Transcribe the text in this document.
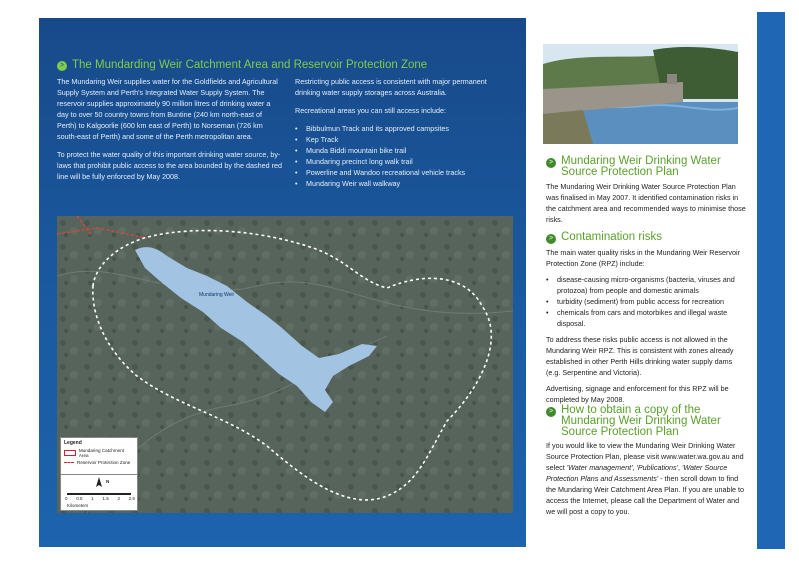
> The Mundarding Weir Catchment Area and Reservoir Protection Zone

The Mundaring Weir supplies water for the Goldfields and Agricultural Supply System and Perth's Integrated Water Supply System. The reservoir supplies approximately 90 million litres of drinking water a day to over 50 country towns from Buntine (240 km north-east of Perth) to Kalgoorlie (600 km east of Perth) to Norseman (726 km south-east of Perth) and some of the Perth metropolitan area.

To protect the water quality of this important drinking water source, by-laws that prohibit public access to the area bounded by the dashed red line will be fully enforced by May 2008.

Restricting public access is consistent with major permanent drinking water supply storages across Australia.

Recreational areas you can still access include:

• Bibbulmun Track and its approved campsites
• Kep Track
• Munda Biddi mountain bike trail
• Mundaring precinct long walk trail
• Powerline and Wandoo recreational vehicle tracks
• Mundaring Weir wall walkway
Mundaring Weir
Legend
Mundaring Catchment Area
Reservoir Protection Zone
N
0 0.5 1 1.5 2 2.5
Kilometers
> Mundaring Weir Drinking Water Source Protection Plan

The Mundaring Weir Drinking Water Source Protection Plan was finalised in May 2007. It identified contamination risks in the catchment area and recommended ways to minimise those risks.

> Contamination risks

The main water quality risks in the Mundaring Weir Reservoir Protection Zone (RPZ) include:

• disease-causing micro-organisms (bacteria, viruses and protozoa) from people and domestic animals
• turbidity (sediment) from public access for recreation
• chemicals from cars and motorbikes and illegal waste disposal.

To address these risks public access is not allowed in the Mundaring Weir RPZ. This is consistent with zones already established in other Perth Hills drinking water supply dams (e.g. Serpentine and Victoria).

Advertising, signage and enforcement for this RPZ will be completed by May 2008.

> How to obtain a copy of the Mundaring Weir Drinking Water Source Protection Plan

If you would like to view the Mundaring Weir Drinking Water Source Protection Plan, please visit www.water.wa.gov.au and select 'Water management', 'Publications', 'Water Source Protection Plans and Assessments' - then scroll down to find the Mundaring Weir Catchment Area Plan. If you are unable to access the Internet, please call the Department of Water and we will post a copy to you.
